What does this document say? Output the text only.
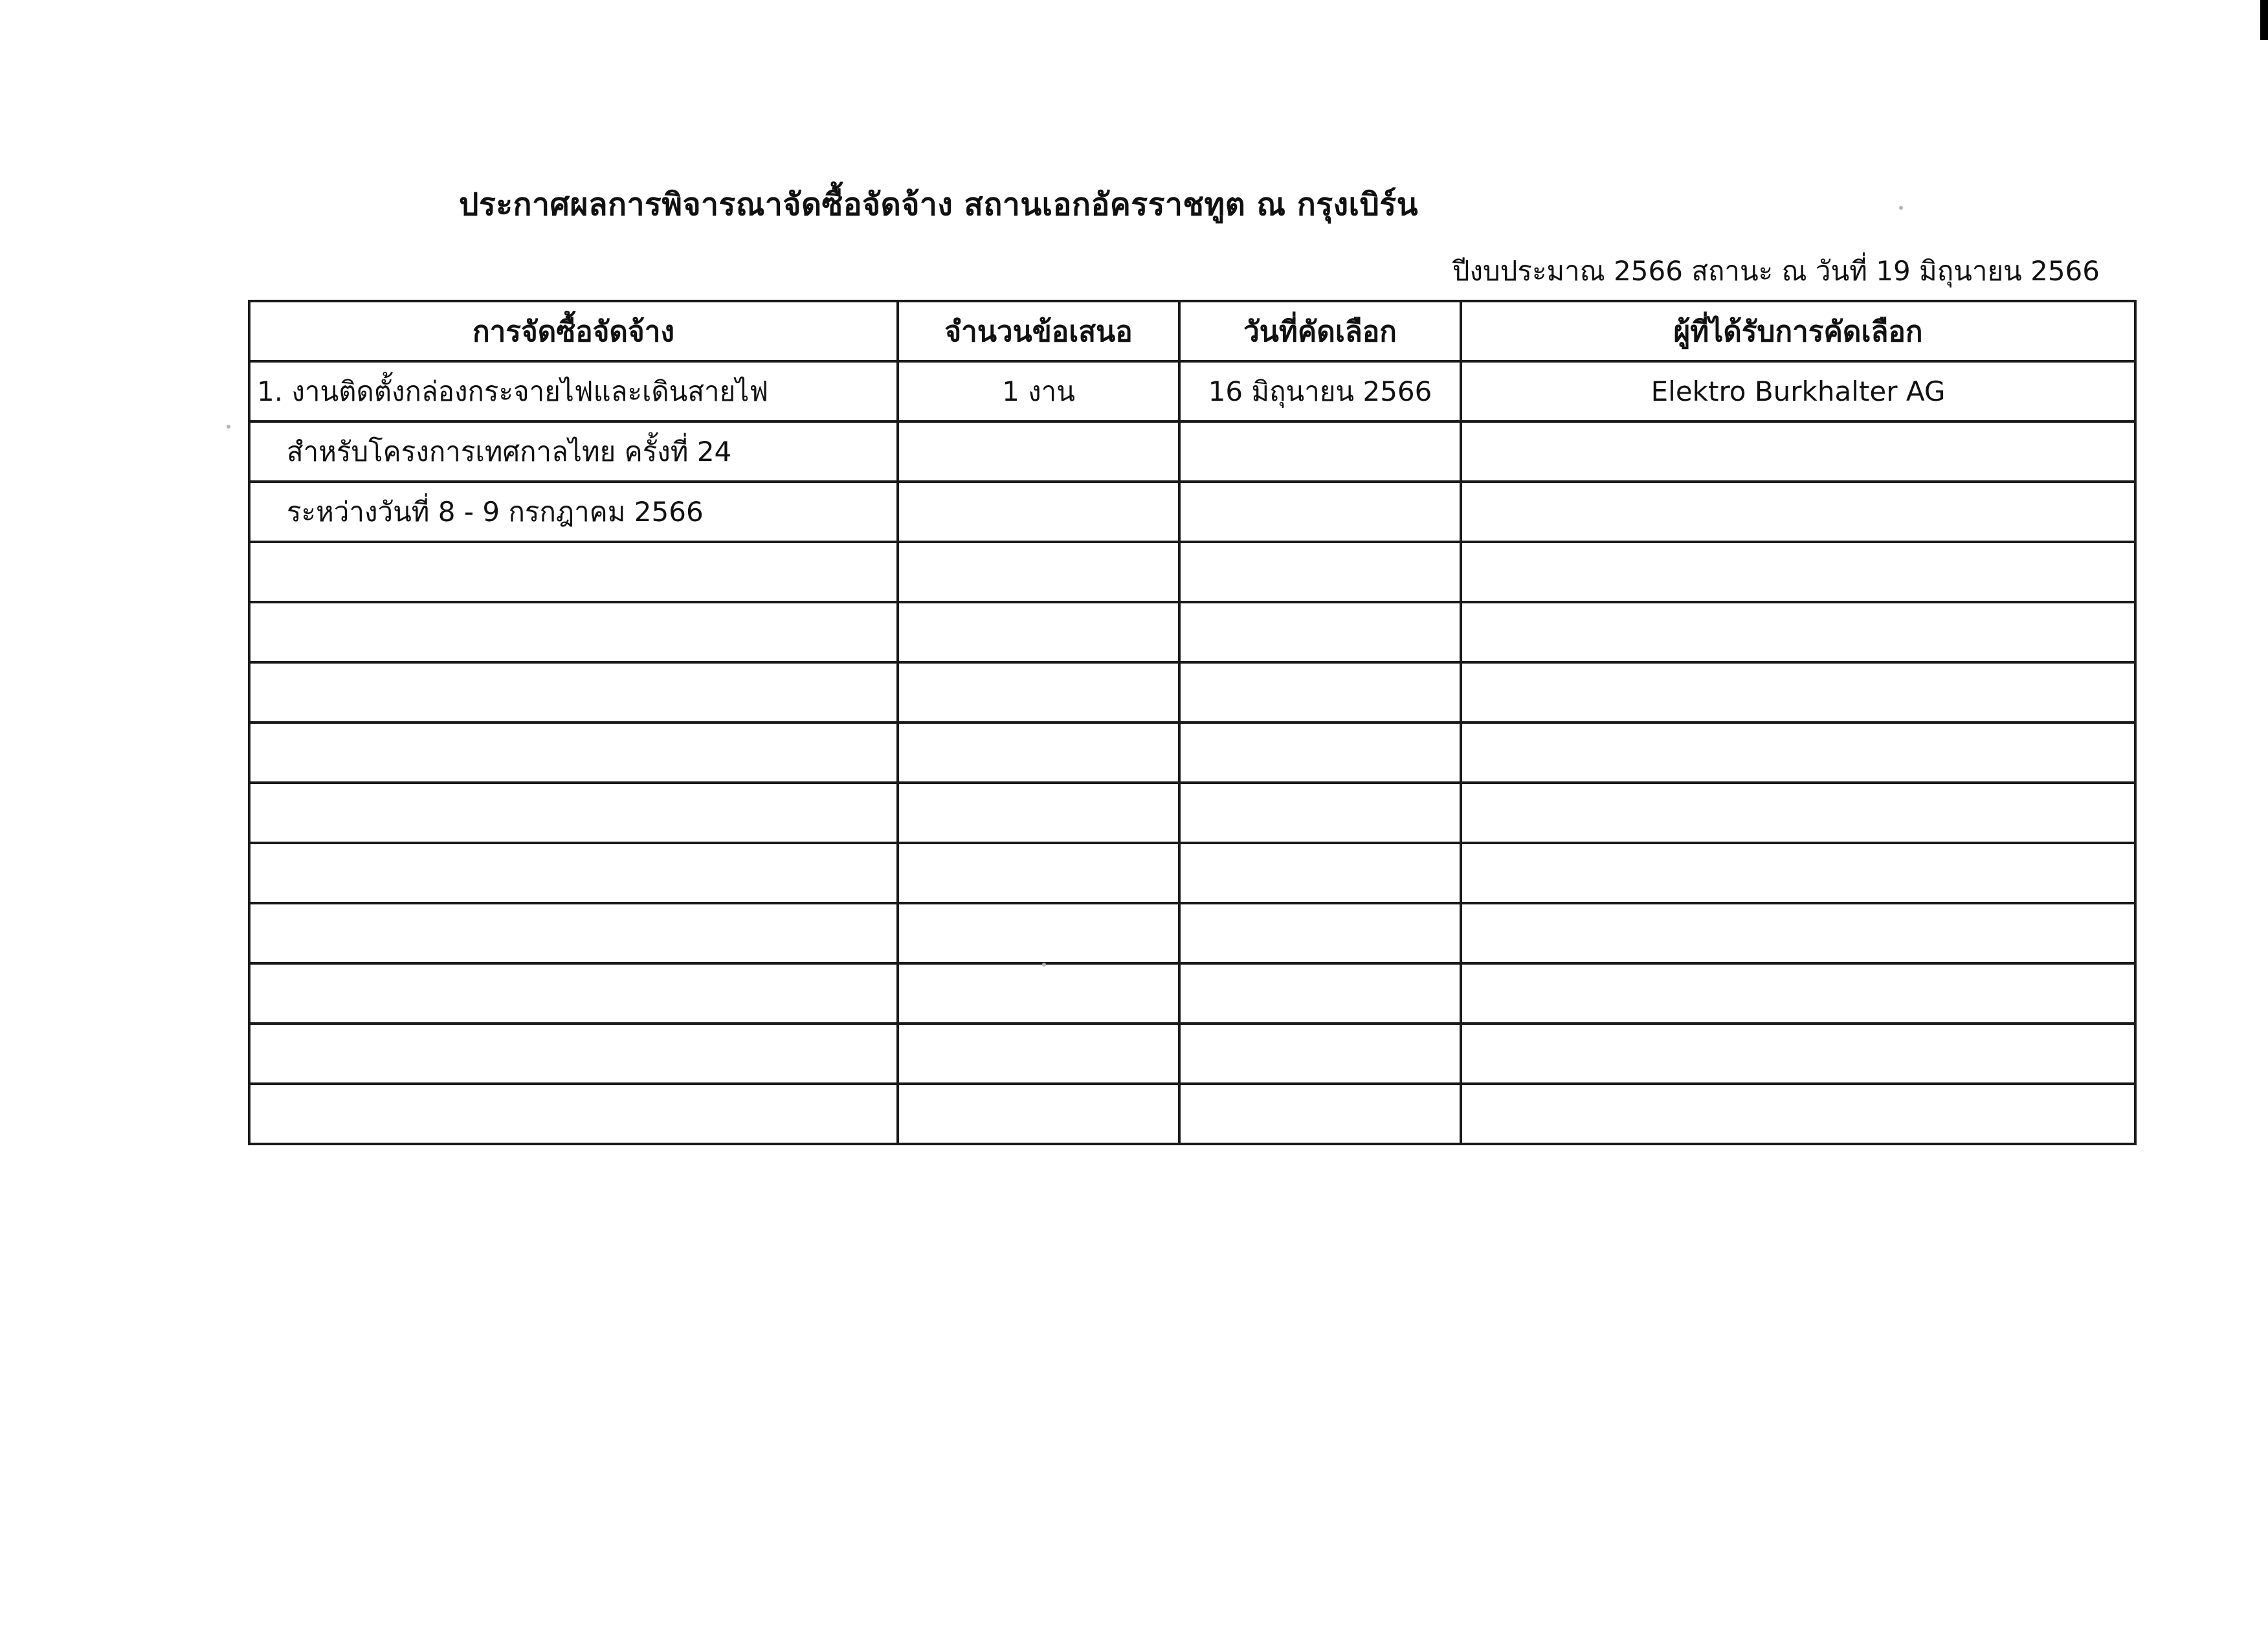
ประกาศผลการพิจารณาจัดซื้อจัดจ้าง สถานเอกอัครราชทูต ณ กรุงเบิร์น
ปีงบประมาณ 2566 สถานะ ณ วันที่ 19 มิถุนายน 2566
การจัดซื้อจัดจ้าง	จำนวนข้อเสนอ	วันที่คัดเลือก	ผู้ที่ได้รับการคัดเลือก
1. งานติดตั้งกล่องกระจายไฟและเดินสายไฟ	1 งาน	16 มิถุนายน 2566	Elektro Burkhalter AG
สำหรับโครงการเทศกาลไทย ครั้งที่ 24			
ระหว่างวันที่ 8 - 9 กรกฎาคม 2566			
